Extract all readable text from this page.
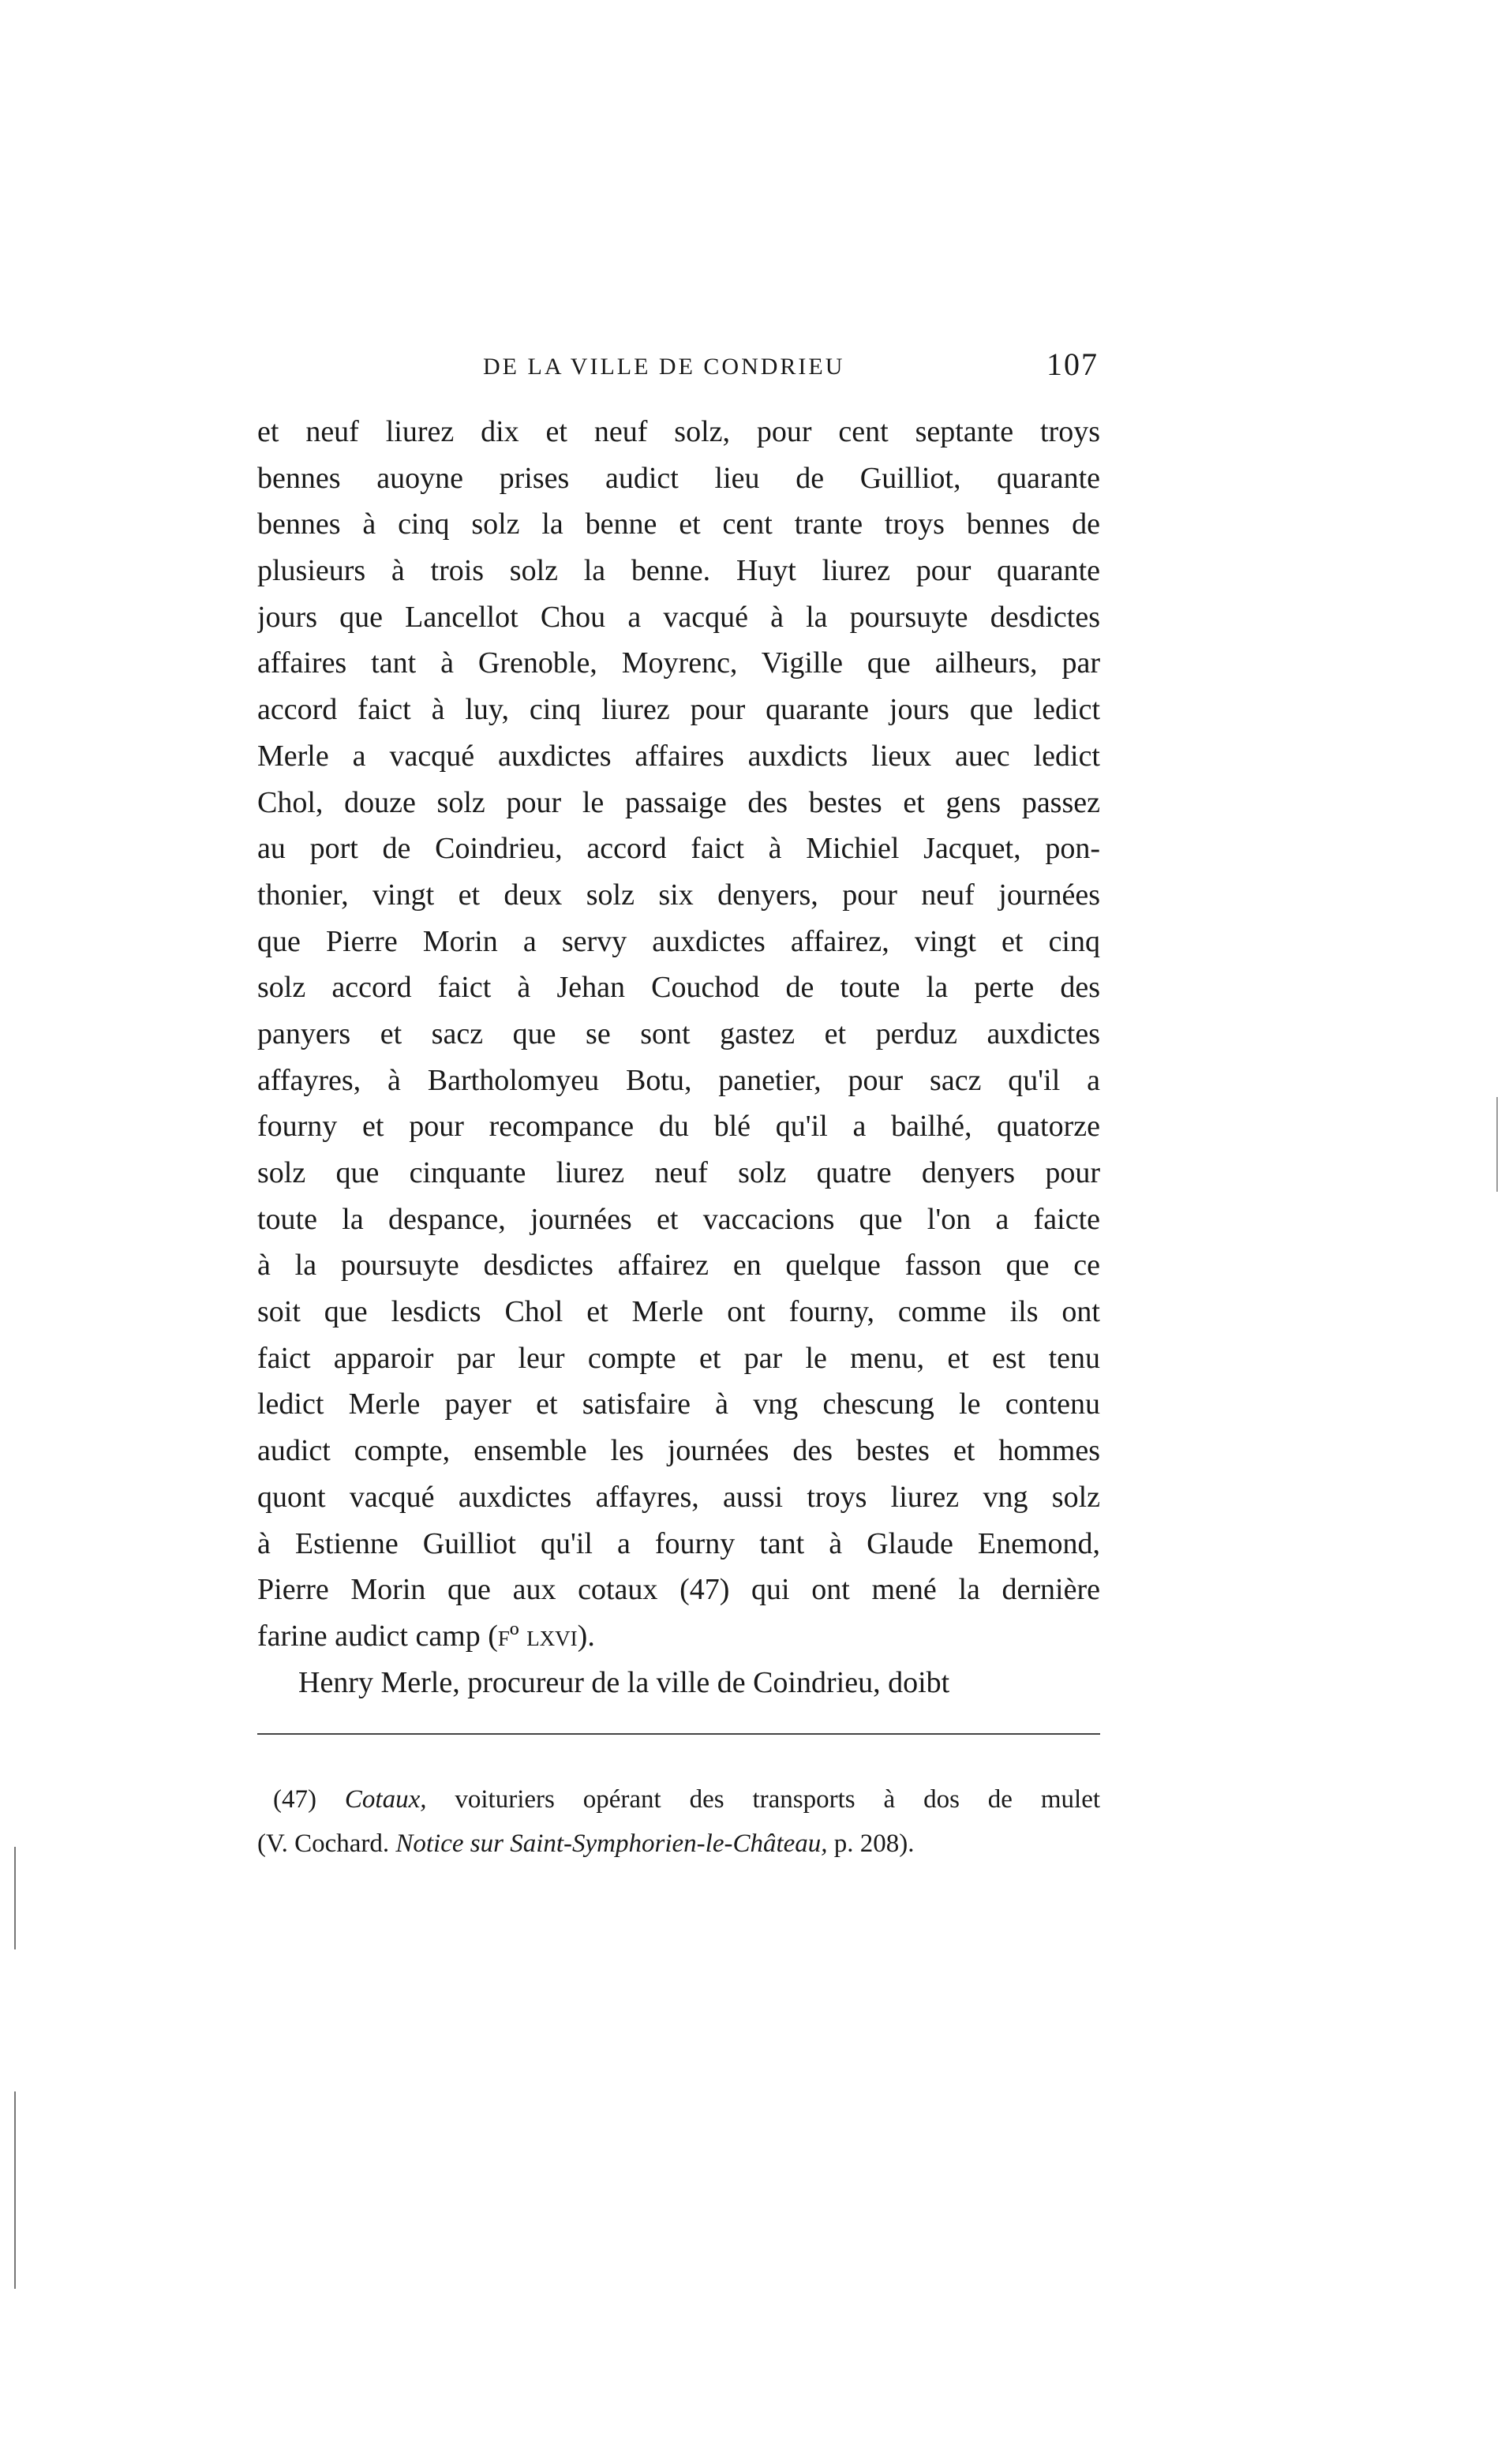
DE LA VILLE DE CONDRIEU	107
et neuf liurez dix et neuf solz, pour cent septante troys
bennes auoyne prises audict lieu de Guilliot, quarante
bennes à cinq solz la benne et cent trante troys bennes de
plusieurs à trois solz la benne. Huyt liurez pour quarante
jours que Lancellot Chou a vacqué à la poursuyte desdictes
affaires tant à Grenoble, Moyrenc, Vigille que ailheurs, par
accord faict à luy, cinq liurez pour quarante jours que ledict
Merle a vacqué auxdictes affaires auxdicts lieux auec ledict
Chol, douze solz pour le passaige des bestes et gens passez
au port de Coindrieu, accord faict à Michiel Jacquet, pon-
thonier, vingt et deux solz six denyers, pour neuf journées
que Pierre Morin a servy auxdictes affairez, vingt et cinq
solz accord faict à Jehan Couchod de toute la perte des
panyers et sacz que se sont gastez et perduz auxdictes
affayres, à Bartholomyeu Botu, panetier, pour sacz qu'il a
fourny et pour recompance du blé qu'il a bailhé, quatorze
solz que cinquante liurez neuf solz quatre denyers pour
toute la despance, journées et vaccacions que l'on a faicte
à la poursuyte desdictes affairez en quelque fasson que ce
soit que lesdicts Chol et Merle ont fourny, comme ils ont
faict apparoir par leur compte et par le menu, et est tenu
ledict Merle payer et satisfaire à vng chescung le contenu
audict compte, ensemble les journées des bestes et hommes
quont vacqué auxdictes affayres, aussi troys liurez vng solz
à Estienne Guilliot qu'il a fourny tant à Glaude Enemond,
Pierre Morin que aux cotaux (47) qui ont mené la dernière
farine audict camp (fº lxvi).
Henry Merle, procureur de la ville de Coindrieu, doibt
(47) Cotaux, voituriers opérant des transports à dos de mulet
(V. Cochard. Notice sur Saint-Symphorien-le-Château, p. 208).
